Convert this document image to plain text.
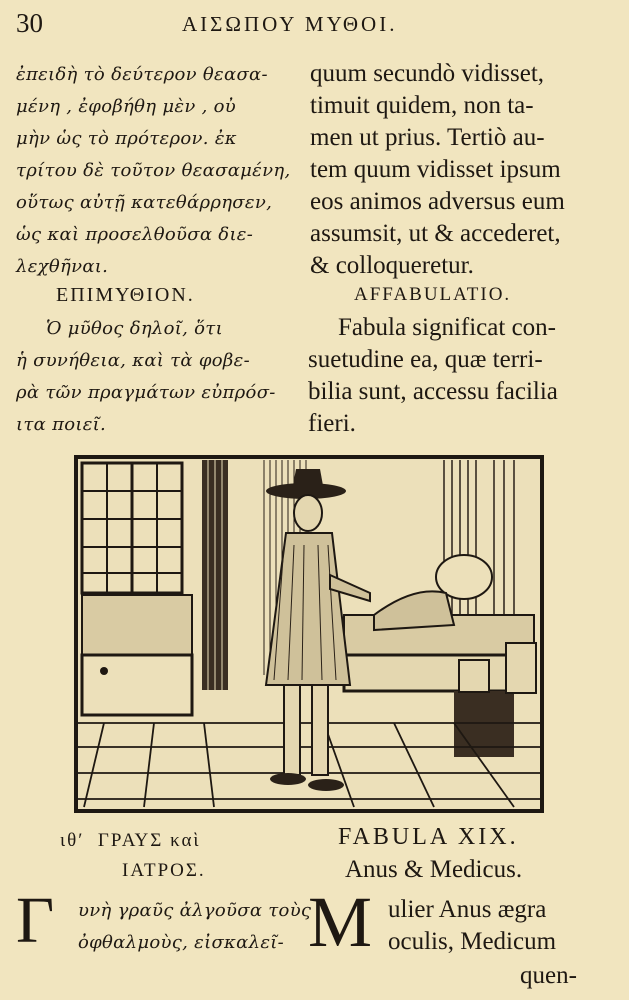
30	ΑΙΣΩΠΟΥ ΜΥΘΟΙ.
ἐπειδὴ τὸ δεύτερον θεασα-
μένη , ἐφοβήθη μὲν , οὐ
μὴν ὡς τὸ πρότερον. ἐκ
τρίτου δὲ τοῦτον θεασαμένη,
οὕτως αὐτῇ κατεθάρρησεν,
ὡς καὶ προσελθοῦσα διε-
λεχθῆναι.
quum secundò vidisset,
timuit quidem, non ta-
men ut prius. Tertiò au-
tem quum vidisset ipsum
eos animos adversus eum
assumsit, ut & accederet,
& colloqueretur.
ΕΠΙΜΥΘΙΟΝ.	AFFABULATIO.
Ὁ μῦθος δηλοῖ, ὅτι
ἡ συνήθεια, καὶ τὰ φοβε-
ρὰ τῶν πραγμάτων εὐπρόσ-
ιτα ποιεῖ.
Fabula significat con-
suetudine ea, quæ terri-
bilia sunt, accessu facilia
fieri.
ιθʹ ΓΡΑΥΣ καὶ
ΙΑΤΡΟΣ.
FABULA XIX.
Anus & Medicus.
Γ υνὴ γραῦς ἀλγοῦσα τοὺς
ὀφθαλμοὺς, εἰσκαλεῖ- M ulier Anus ægra
oculis, Medicum
quen-
